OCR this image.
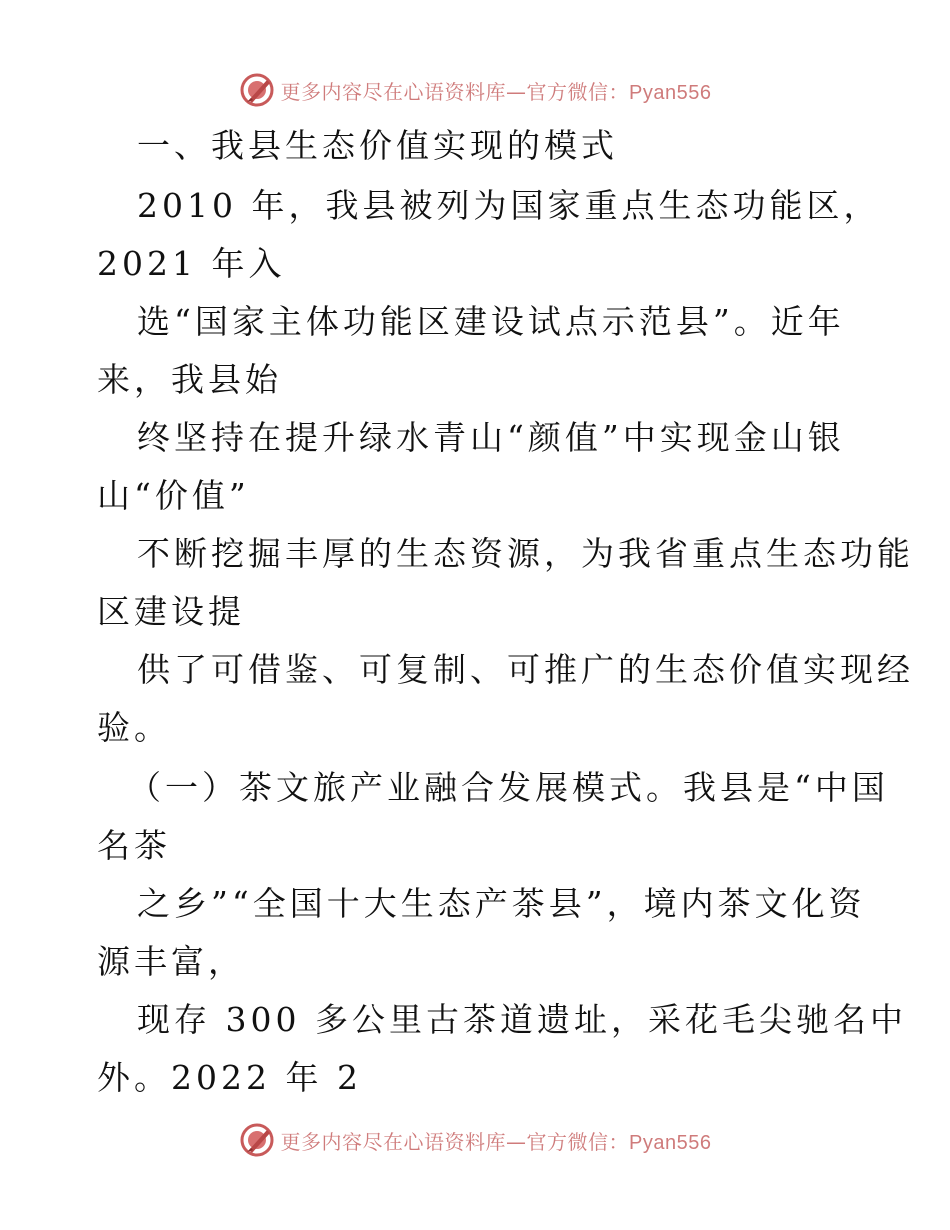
更多内容尽在心语资料库—官方微信：Pyan556
一、我县生态价值实现的模式
2010 年，我县被列为国家重点生态功能区，
2021 年入
选“国家主体功能区建设试点示范县”。近年
来，我县始
终坚持在提升绿水青山“颜值”中实现金山银
山“价值”
不断挖掘丰厚的生态资源，为我省重点生态功能
区建设提
供了可借鉴、可复制、可推广的生态价值实现经
验。
（一）茶文旅产业融合发展模式。我县是“中国
名茶
之乡”“全国十大生态产茶县”，境内茶文化资
源丰富，
现存 300 多公里古茶道遗址，采花毛尖驰名中
外。2022 年 2
更多内容尽在心语资料库—官方微信：Pyan556
